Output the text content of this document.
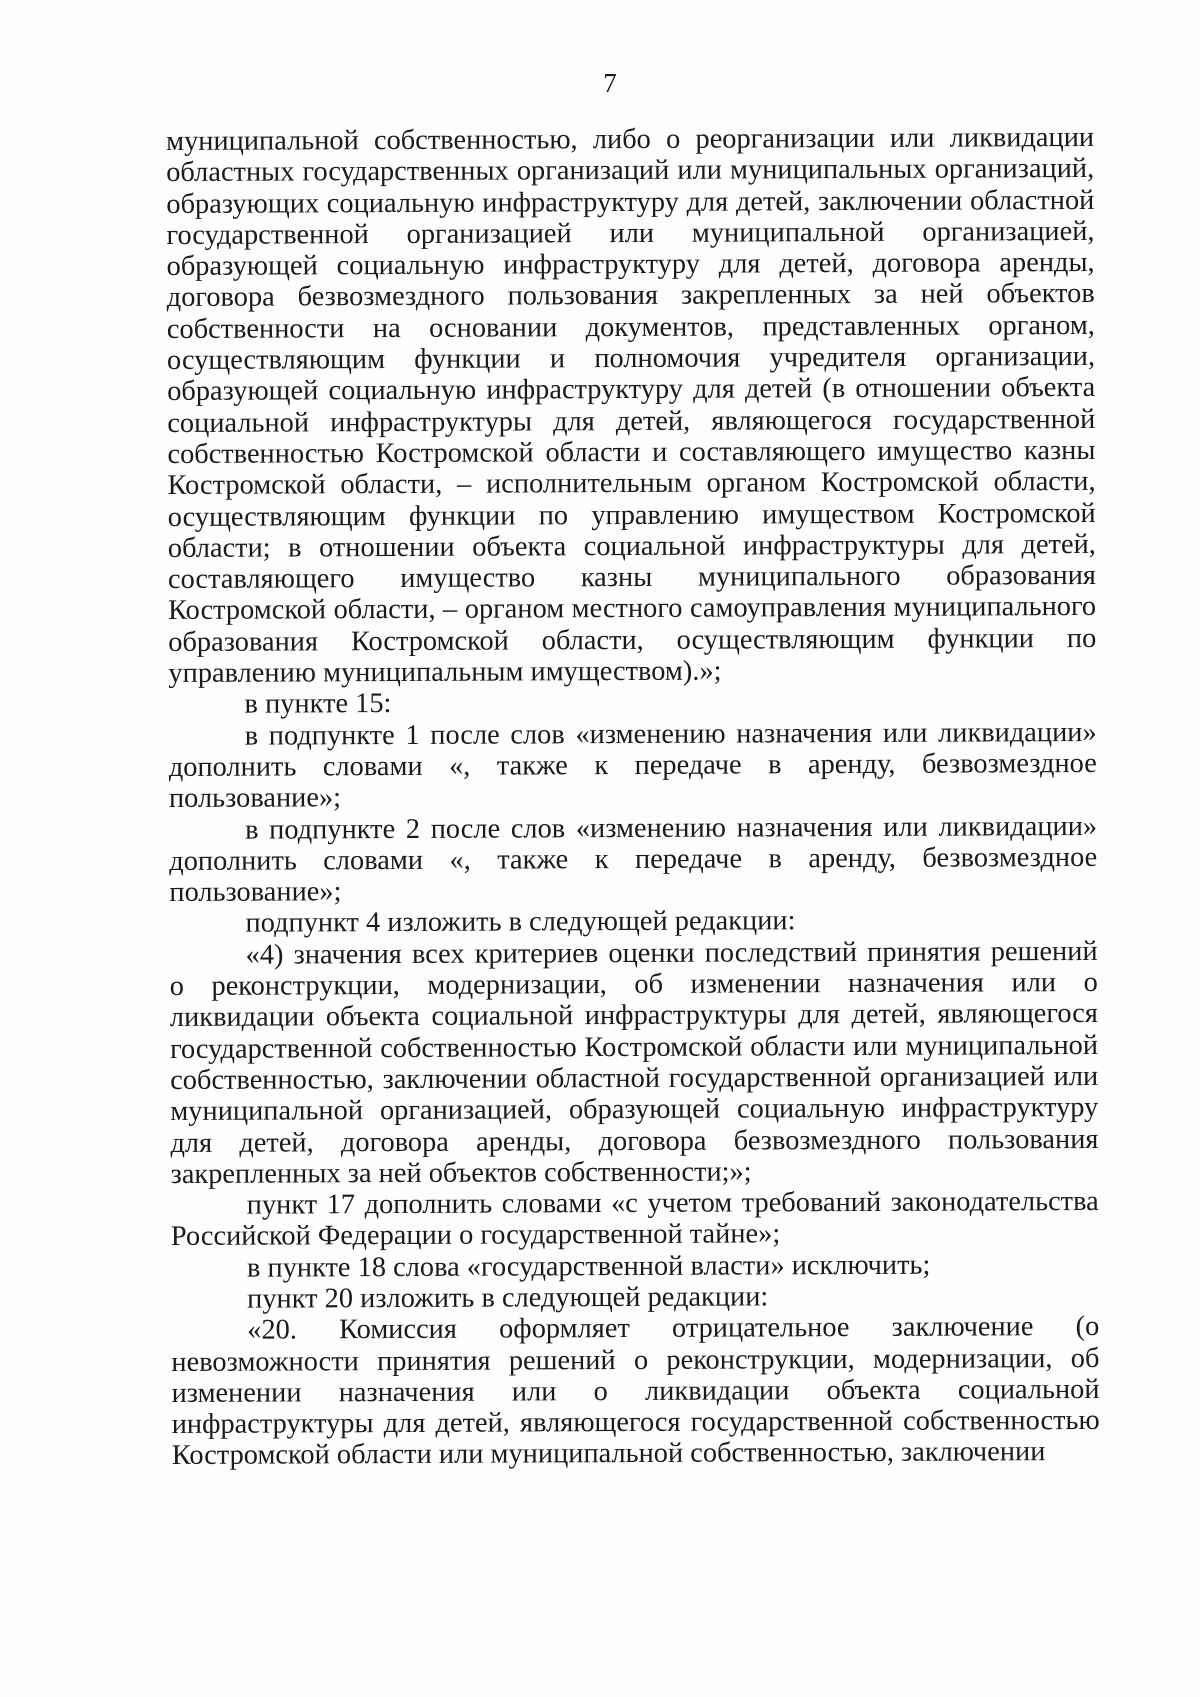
7

муниципальной собственностью, либо о реорганизации или ликвидации областных государственных организаций или муниципальных организаций, образующих социальную инфраструктуру для детей, заключении областной государственной организацией или муниципальной организацией, образующей социальную инфраструктуру для детей, договора аренды, договора безвозмездного пользования закрепленных за ней объектов собственности на основании документов, представленных органом, осуществляющим функции и полномочия учредителя организации, образующей социальную инфраструктуру для детей (в отношении объекта социальной инфраструктуры для детей, являющегося государственной собственностью Костромской области и составляющего имущество казны Костромской области, – исполнительным органом Костромской области, осуществляющим функции по управлению имуществом Костромской области; в отношении объекта социальной инфраструктуры для детей, составляющего имущество казны муниципального образования Костромской области, – органом местного самоуправления муниципального образования Костромской области, осуществляющим функции по управлению муниципальным имуществом).»;

в пункте 15:

в подпункте 1 после слов «изменению назначения или ликвидации» дополнить словами «, также к передаче в аренду, безвозмездное пользование»;

в подпункте 2 после слов «изменению назначения или ликвидации» дополнить словами «, также к передаче в аренду, безвозмездное пользование»;

подпункт 4 изложить в следующей редакции:

«4) значения всех критериев оценки последствий принятия решений о реконструкции, модернизации, об изменении назначения или о ликвидации объекта социальной инфраструктуры для детей, являющегося государственной собственностью Костромской области или муниципальной собственностью, заключении областной государственной организацией или муниципальной организацией, образующей социальную инфраструктуру для детей, договора аренды, договора безвозмездного пользования закрепленных за ней объектов собственности;»;

пункт 17 дополнить словами «с учетом требований законодательства Российской Федерации о государственной тайне»;

в пункте 18 слова «государственной власти» исключить;

пункт 20 изложить в следующей редакции:

«20. Комиссия оформляет отрицательное заключение (о невозможности принятия решений о реконструкции, модернизации, об изменении назначения или о ликвидации объекта социальной инфраструктуры для детей, являющегося государственной собственностью Костромской области или муниципальной собственностью, заключении
